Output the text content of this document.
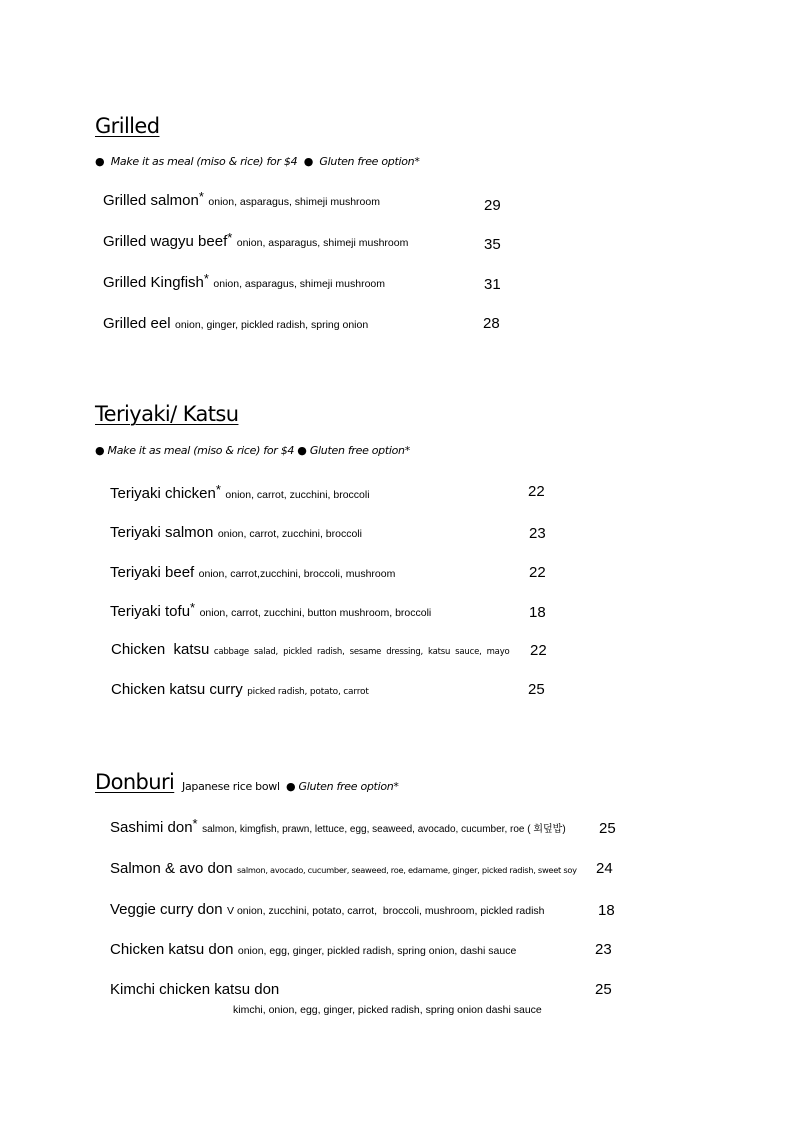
Grilled
● Make it as meal (miso & rice) for $4 ● Gluten free option*
Grilled salmon* onion, asparagus, shimeji mushroom	29
Grilled wagyu beef* onion, asparagus, shimeji mushroom	35
Grilled Kingfish* onion, asparagus, shimeji mushroom	31
Grilled eel onion, ginger, pickled radish, spring onion	28
Teriyaki/ Katsu
● Make it as meal (miso & rice) for $4 ● Gluten free option*
Teriyaki chicken* onion, carrot, zucchini, broccoli	22
Teriyaki salmon onion, carrot, zucchini, broccoli	23
Teriyaki beef onion, carrot,zucchini, broccoli, mushroom	22
Teriyaki tofu* onion, carrot, zucchini, button mushroom, broccoli	18
Chicken  katsu cabbage  salad,  pickled  radish,  sesame  dressing,  katsu  sauce,  mayo 22
Chicken katsu curry picked radish, potato, carrot	25
Donburi Japanese rice bowl ● Gluten free option*
Sashimi don* salmon, kimgfish, prawn, lettuce, egg, seaweed, avocado, cucumber, roe ( 회덮밥) 25
Salmon & avo don salmon, avocado, cucumber, seaweed, roe, edamame, ginger, picked radish, sweet soy 24
Veggie curry don V onion, zucchini, potato, carrot,  broccoli, mushroom, pickled radish	18
Chicken katsu don onion, egg, ginger, pickled radish, spring onion, dashi sauce	23
Kimchi chicken katsu don	25
kimchi, onion, egg, ginger, picked radish, spring onion dashi sauce
